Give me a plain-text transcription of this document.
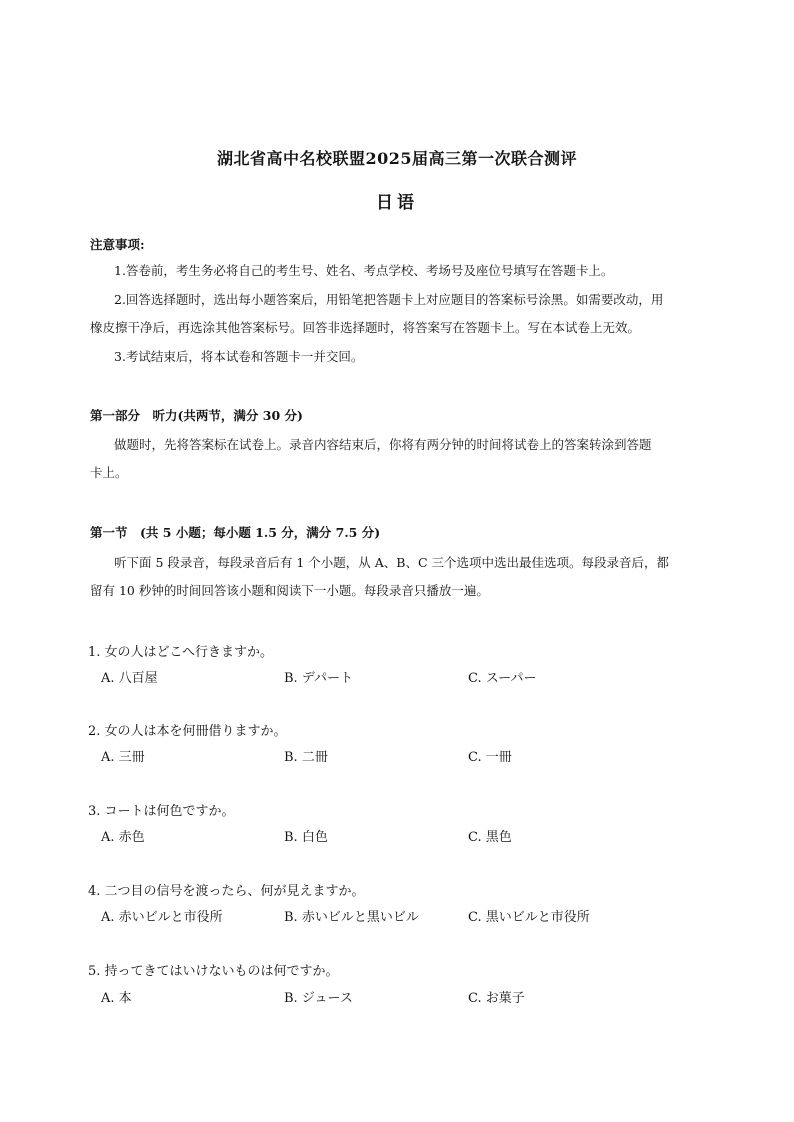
湖北省高中名校联盟2025届高三第一次联合测评
日语
注意事项:
1.答卷前，考生务必将自己的考生号、姓名、考点学校、考场号及座位号填写在答题卡上。
2.回答选择题时，选出每小题答案后，用铅笔把答题卡上对应题目的答案标号涂黑。如需要改动，用
橡皮擦干净后，再选涂其他答案标号。回答非选择题时，将答案写在答题卡上。写在本试卷上无效。
3.考试结束后，将本试卷和答题卡一并交回。
第一部分　听力(共两节，满分 30 分)
做题时，先将答案标在试卷上。录音内容结束后，你将有两分钟的时间将试卷上的答案转涂到答题
卡上。
第一节　(共 5 小题；每小题 1.5 分，满分 7.5 分)
听下面 5 段录音，每段录音后有 1 个小题，从 A、B、C 三个选项中选出最佳选项。每段录音后，都
留有 10 秒钟的时间回答该小题和阅读下一小题。每段录音只播放一遍。
1. 女の人はどこへ行きますか。
A. 八百屋	B. デパート	C. スーパー
2. 女の人は本を何冊借りますか。
A. 三冊	B. 二冊	C. 一冊
3. コートは何色ですか。
A. 赤色	B. 白色	C. 黒色
4. 二つ目の信号を渡ったら、何が見えますか。
A. 赤いビルと市役所	B. 赤いビルと黒いビル	C. 黒いビルと市役所
5. 持ってきてはいけないものは何ですか。
A. 本	B. ジュース	C. お菓子
